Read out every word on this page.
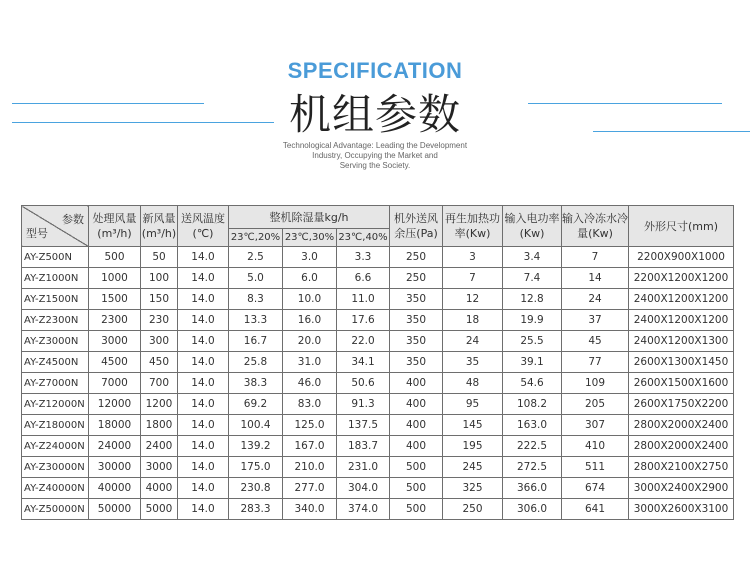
SPECIFICATION
机组参数
Technological Advantage: Leading the Development
Industry, Occupying the Market and
Serving the Society.
参数
型号	处理风量(m³/h)	新风量(m³/h)	送风温度(℃)	整机除湿量kg/h			机外送风余压(Pa)	再生加热功率(Kw)	输入电功率(Kw)	输入冷冻水冷量(Kw)	外形尺寸(mm)
				23℃,20%	23℃,30%	23℃,40%					
AY-Z500N	500	50	14.0	2.5	3.0	3.3	250	3	3.4	7	2200X900X1000
AY-Z1000N	1000	100	14.0	5.0	6.0	6.6	250	7	7.4	14	2200X1200X1200
AY-Z1500N	1500	150	14.0	8.3	10.0	11.0	350	12	12.8	24	2400X1200X1200
AY-Z2300N	2300	230	14.0	13.3	16.0	17.6	350	18	19.9	37	2400X1200X1200
AY-Z3000N	3000	300	14.0	16.7	20.0	22.0	350	24	25.5	45	2400X1200X1300
AY-Z4500N	4500	450	14.0	25.8	31.0	34.1	350	35	39.1	77	2600X1300X1450
AY-Z7000N	7000	700	14.0	38.3	46.0	50.6	400	48	54.6	109	2600X1500X1600
AY-Z12000N	12000	1200	14.0	69.2	83.0	91.3	400	95	108.2	205	2600X1750X2200
AY-Z18000N	18000	1800	14.0	100.4	125.0	137.5	400	145	163.0	307	2800X2000X2400
AY-Z24000N	24000	2400	14.0	139.2	167.0	183.7	400	195	222.5	410	2800X2000X2400
AY-Z30000N	30000	3000	14.0	175.0	210.0	231.0	500	245	272.5	511	2800X2100X2750
AY-Z40000N	40000	4000	14.0	230.8	277.0	304.0	500	325	366.0	674	3000X2400X2900
AY-Z50000N	50000	5000	14.0	283.3	340.0	374.0	500	250	306.0	641	3000X2600X3100
